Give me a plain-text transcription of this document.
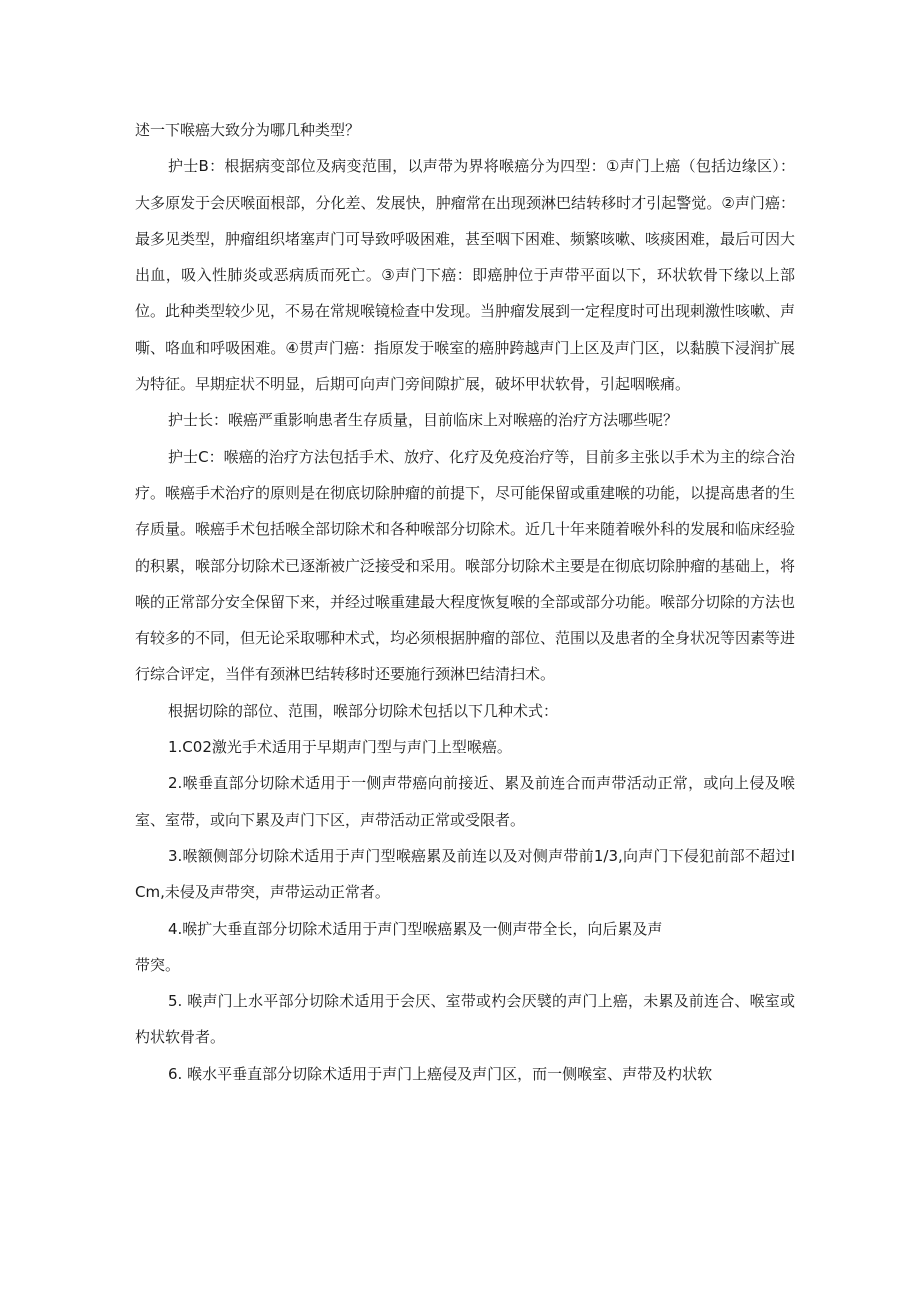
述一下喉癌大致分为哪几种类型？

护士B：根据病变部位及病变范围，以声带为界将喉癌分为四型：①声门上癌（包括边缘区）：大多原发于会厌喉面根部，分化差、发展快，肿瘤常在出现颈淋巴结转移时才引起警觉。②声门癌：最多见类型，肿瘤组织堵塞声门可导致呼吸困难，甚至咽下困难、频繁咳嗽、咳痰困难，最后可因大出血，吸入性肺炎或恶病质而死亡。③声门下癌：即癌肿位于声带平面以下，环状软骨下缘以上部位。此种类型较少见，不易在常规喉镜检查中发现。当肿瘤发展到一定程度时可出现刺激性咳嗽、声嘶、咯血和呼吸困难。④贯声门癌：指原发于喉室的癌肿跨越声门上区及声门区，以黏膜下浸润扩展为特征。早期症状不明显，后期可向声门旁间隙扩展，破坏甲状软骨，引起咽喉痛。

护士长：喉癌严重影响患者生存质量，目前临床上对喉癌的治疗方法哪些呢？

护士C：喉癌的治疗方法包括手术、放疗、化疗及免疫治疗等，目前多主张以手术为主的综合治疗。喉癌手术治疗的原则是在彻底切除肿瘤的前提下，尽可能保留或重建喉的功能，以提高患者的生存质量。喉癌手术包括喉全部切除术和各种喉部分切除术。近几十年来随着喉外科的发展和临床经验的积累，喉部分切除术已逐渐被广泛接受和采用。喉部分切除术主要是在彻底切除肿瘤的基础上，将喉的正常部分安全保留下来，并经过喉重建最大程度恢复喉的全部或部分功能。喉部分切除的方法也有较多的不同，但无论采取哪种术式，均必须根据肿瘤的部位、范围以及患者的全身状况等因素等进行综合评定，当伴有颈淋巴结转移时还要施行颈淋巴结清扫术。

根据切除的部位、范围，喉部分切除术包括以下几种术式：

1.C02激光手术适用于早期声门型与声门上型喉癌。

2.喉垂直部分切除术适用于一侧声带癌向前接近、累及前连合而声带活动正常，或向上侵及喉室、室带，或向下累及声门下区，声带活动正常或受限者。

3.喉额侧部分切除术适用于声门型喉癌累及前连以及对侧声带前1/3,向声门下侵犯前部不超过ICm,未侵及声带突，声带运动正常者。

4.喉扩大垂直部分切除术适用于声门型喉癌累及一侧声带全长，向后累及声

带突。

5. 喉声门上水平部分切除术适用于会厌、室带或杓会厌襞的声门上癌，未累及前连合、喉室或杓状软骨者。

6. 喉水平垂直部分切除术适用于声门上癌侵及声门区，而一侧喉室、声带及杓状软
